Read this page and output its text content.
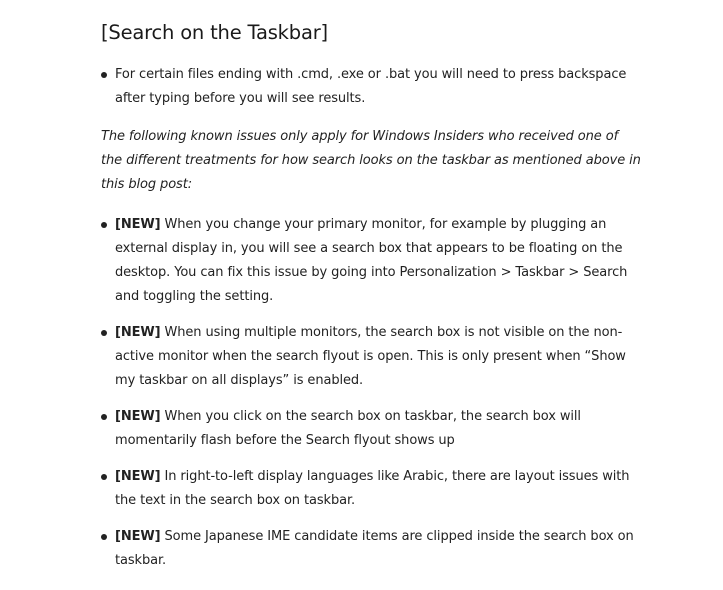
[Search on the Taskbar]
For certain files ending with .cmd, .exe or .bat you will need to press backspace after typing before you will see results.

The following known issues only apply for Windows Insiders who received one of the different treatments for how search looks on the taskbar as mentioned above in this blog post:

[NEW] When you change your primary monitor, for example by plugging an external display in, you will see a search box that appears to be floating on the desktop. You can fix this issue by going into Personalization > Taskbar > Search and toggling the setting.
[NEW] When using multiple monitors, the search box is not visible on the non-active monitor when the search flyout is open. This is only present when “Show my taskbar on all displays” is enabled.
[NEW] When you click on the search box on taskbar, the search box will momentarily flash before the Search flyout shows up
[NEW] In right-to-left display languages like Arabic, there are layout issues with the text in the search box on taskbar.
[NEW] Some Japanese IME candidate items are clipped inside the search box on taskbar.
